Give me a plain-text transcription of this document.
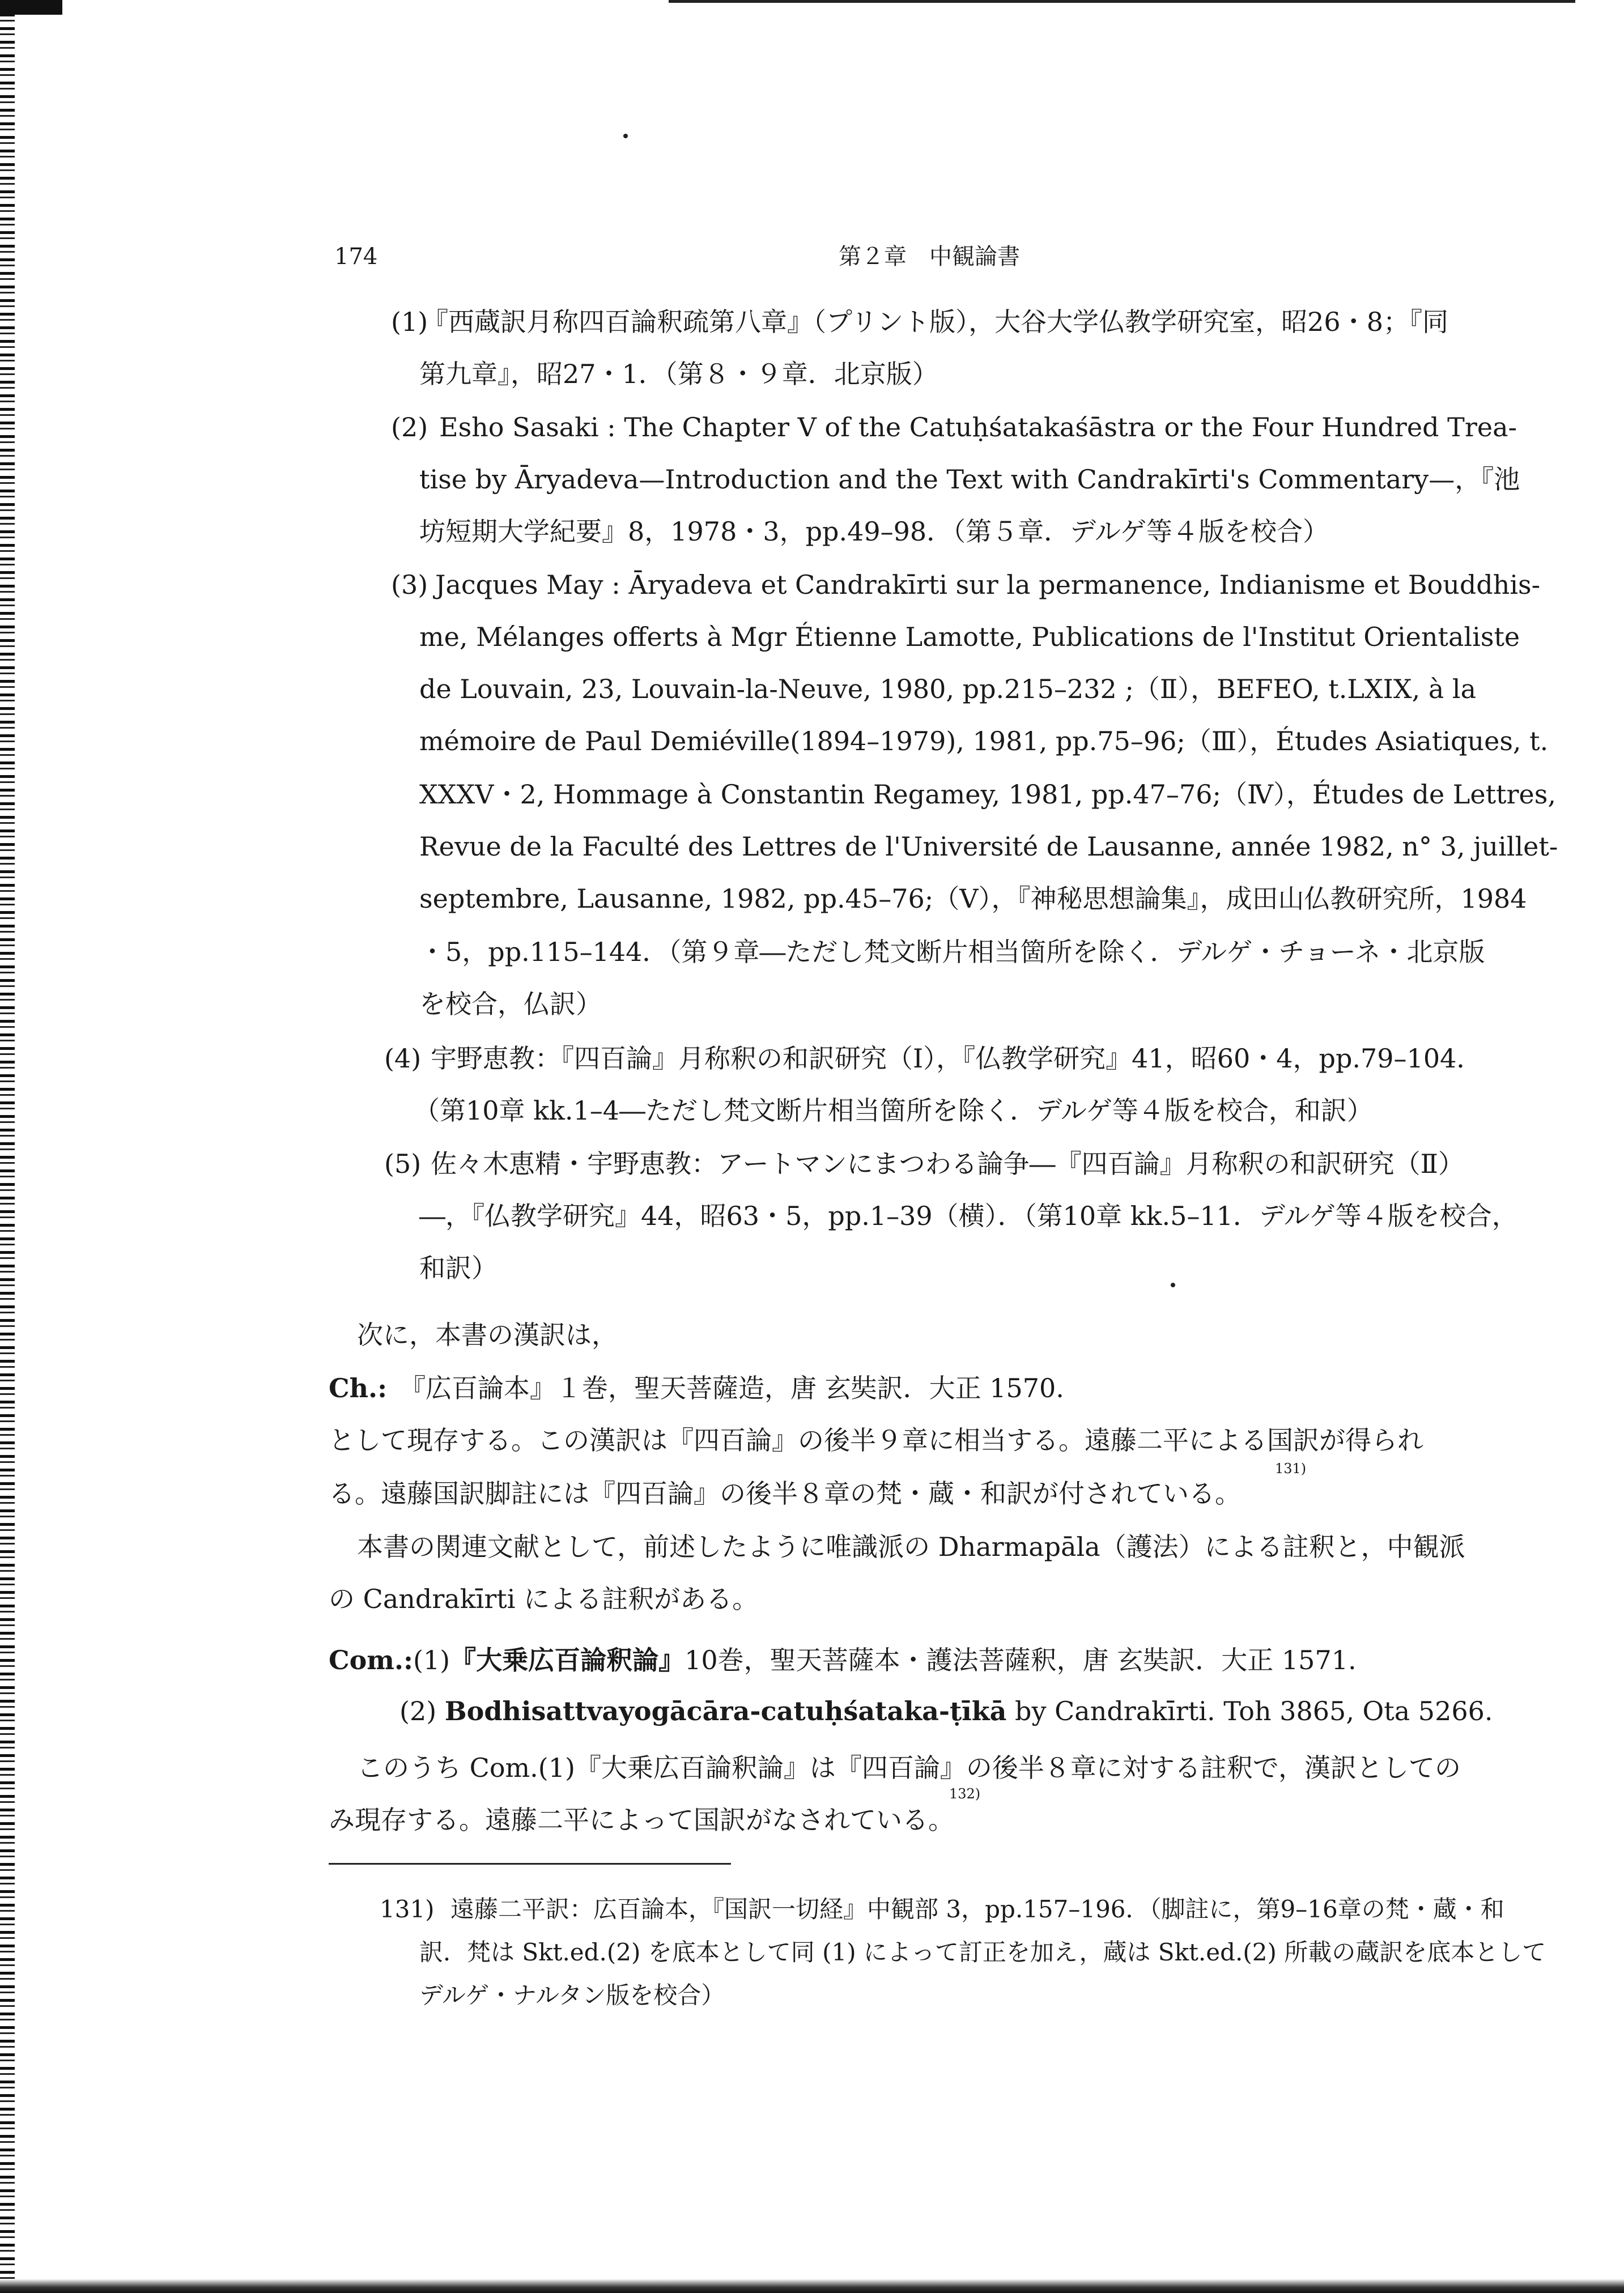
174	第２章　中観論書
(1)
『西蔵訳月称四百論釈疏第八章』（プリント版），大谷大学仏教学研究室，昭26・8；『同
第九章』，昭27・1．（第８・９章．北京版）
(2) Esho Sasaki : The Chapter V of the Catuḥśatakaśāstra or the Four Hundred Trea-
tise by Āryadeva—Introduction and the Text with Candrakīrti's Commentary—，『池
坊短期大学紀要』8，1978・3，pp.49–98．（第５章．デルゲ等４版を校合）
(3) Jacques May : Āryadeva et Candrakīrti sur la permanence, Indianisme et Bouddhis-
me, Mélanges offerts à Mgr Étienne Lamotte, Publications de l'Institut Orientaliste
de Louvain, 23, Louvain-la-Neuve, 1980, pp.215–232 ;（Ⅱ），BEFEO, t.LXIX, à la
mémoire de Paul Demiéville(1894–1979), 1981, pp.75–96;（Ⅲ），Études Asiatiques, t.
XXXV・2, Hommage à Constantin Regamey, 1981, pp.47–76;（Ⅳ），Études de Lettres,
Revue de la Faculté des Lettres de l'Université de Lausanne, année 1982, n° 3, juillet-
septembre, Lausanne, 1982, pp.45–76;（Ⅴ），『神秘思想論集』，成田山仏教研究所，1984
・5，pp.115–144．（第９章―ただし梵文断片相当箇所を除く．デルゲ・チョーネ・北京版
を校合，仏訳）
(4) 宇野恵教：『四百論』月称釈の和訳研究（Ⅰ），『仏教学研究』41，昭60・4，pp.79–104．
（第10章 kk.1–4―ただし梵文断片相当箇所を除く．デルゲ等４版を校合，和訳）
(5) 佐々木恵精・宇野恵教：アートマンにまつわる論争―『四百論』月称釈の和訳研究（Ⅱ）
―，『仏教学研究』44，昭63・5，pp.1–39（横）．（第10章 kk.5–11．デルゲ等４版を校合，
和訳）
次に，本書の漢訳は，
Ch.: 『広百論本』１巻，聖天菩薩造，唐 玄奘訳．大正 1570.
として現存する。この漢訳は『四百論』の後半９章に相当する。遠藤二平による国訳が得られ
る。遠藤国訳脚註には『四百論』の後半８章の梵・蔵・和訳が付されている。
131)
本書の関連文献として，前述したように唯識派の Dharmapāla（護法）による註釈と，中観派
の Candrakīrti による註釈がある。
Com.:(1)『大乗広百論釈論』10巻，聖天菩薩本・護法菩薩釈，唐 玄奘訳．大正 1571.
(2) Bodhisattvayogācāra-catuḥśataka-ṭīkā by Candrakīrti. Toh 3865, Ota 5266.
このうち Com.(1)『大乗広百論釈論』は『四百論』の後半８章に対する註釈で，漢訳としての
み現存する。遠藤二平によって国訳がなされている。
132)
131) 遠藤二平訳：広百論本，『国訳一切経』中観部 3，pp.157–196．（脚註に，第9–16章の梵・蔵・和
訳．梵は Skt.ed.(2) を底本として同 (1) によって訂正を加え，蔵は Skt.ed.(2) 所載の蔵訳を底本として
デルゲ・ナルタン版を校合）
